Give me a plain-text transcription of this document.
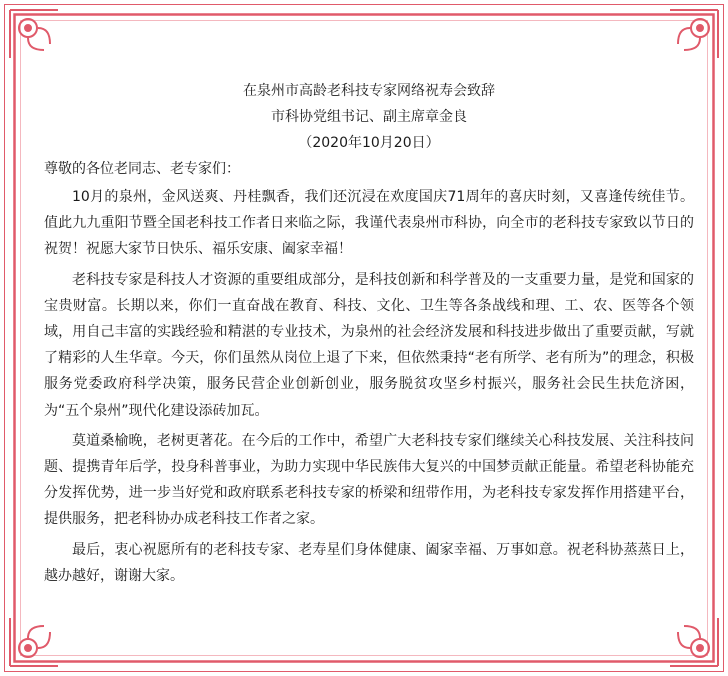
在泉州市高龄老科技专家网络祝寿会致辞
市科协党组书记、副主席章金良
（2020年10月20日）
尊敬的各位老同志、老专家们：

10月的泉州，金风送爽、丹桂飘香，我们还沉浸在欢度国庆71周年的喜庆时刻，又喜逢传统佳节。值此九九重阳节暨全国老科技工作者日来临之际，我谨代表泉州市科协，向全市的老科技专家致以节日的祝贺！祝愿大家节日快乐、福乐安康、阖家幸福！

老科技专家是科技人才资源的重要组成部分，是科技创新和科学普及的一支重要力量，是党和国家的宝贵财富。长期以来，你们一直奋战在教育、科技、文化、卫生等各条战线和理、工、农、医等各个领域，用自己丰富的实践经验和精湛的专业技术，为泉州的社会经济发展和科技进步做出了重要贡献，写就了精彩的人生华章。今天，你们虽然从岗位上退了下来，但依然秉持“老有所学、老有所为”的理念，积极服务党委政府科学决策，服务民营企业创新创业，服务脱贫攻坚乡村振兴，服务社会民生扶危济困，为“五个泉州”现代化建设添砖加瓦。

莫道桑榆晚，老树更著花。在今后的工作中，希望广大老科技专家们继续关心科技发展、关注科技问题、提携青年后学，投身科普事业，为助力实现中华民族伟大复兴的中国梦贡献正能量。希望老科协能充分发挥优势，进一步当好党和政府联系老科技专家的桥梁和纽带作用，为老科技专家发挥作用搭建平台，提供服务，把老科协办成老科技工作者之家。

最后，衷心祝愿所有的老科技专家、老寿星们身体健康、阖家幸福、万事如意。祝老科协蒸蒸日上，越办越好，谢谢大家。
